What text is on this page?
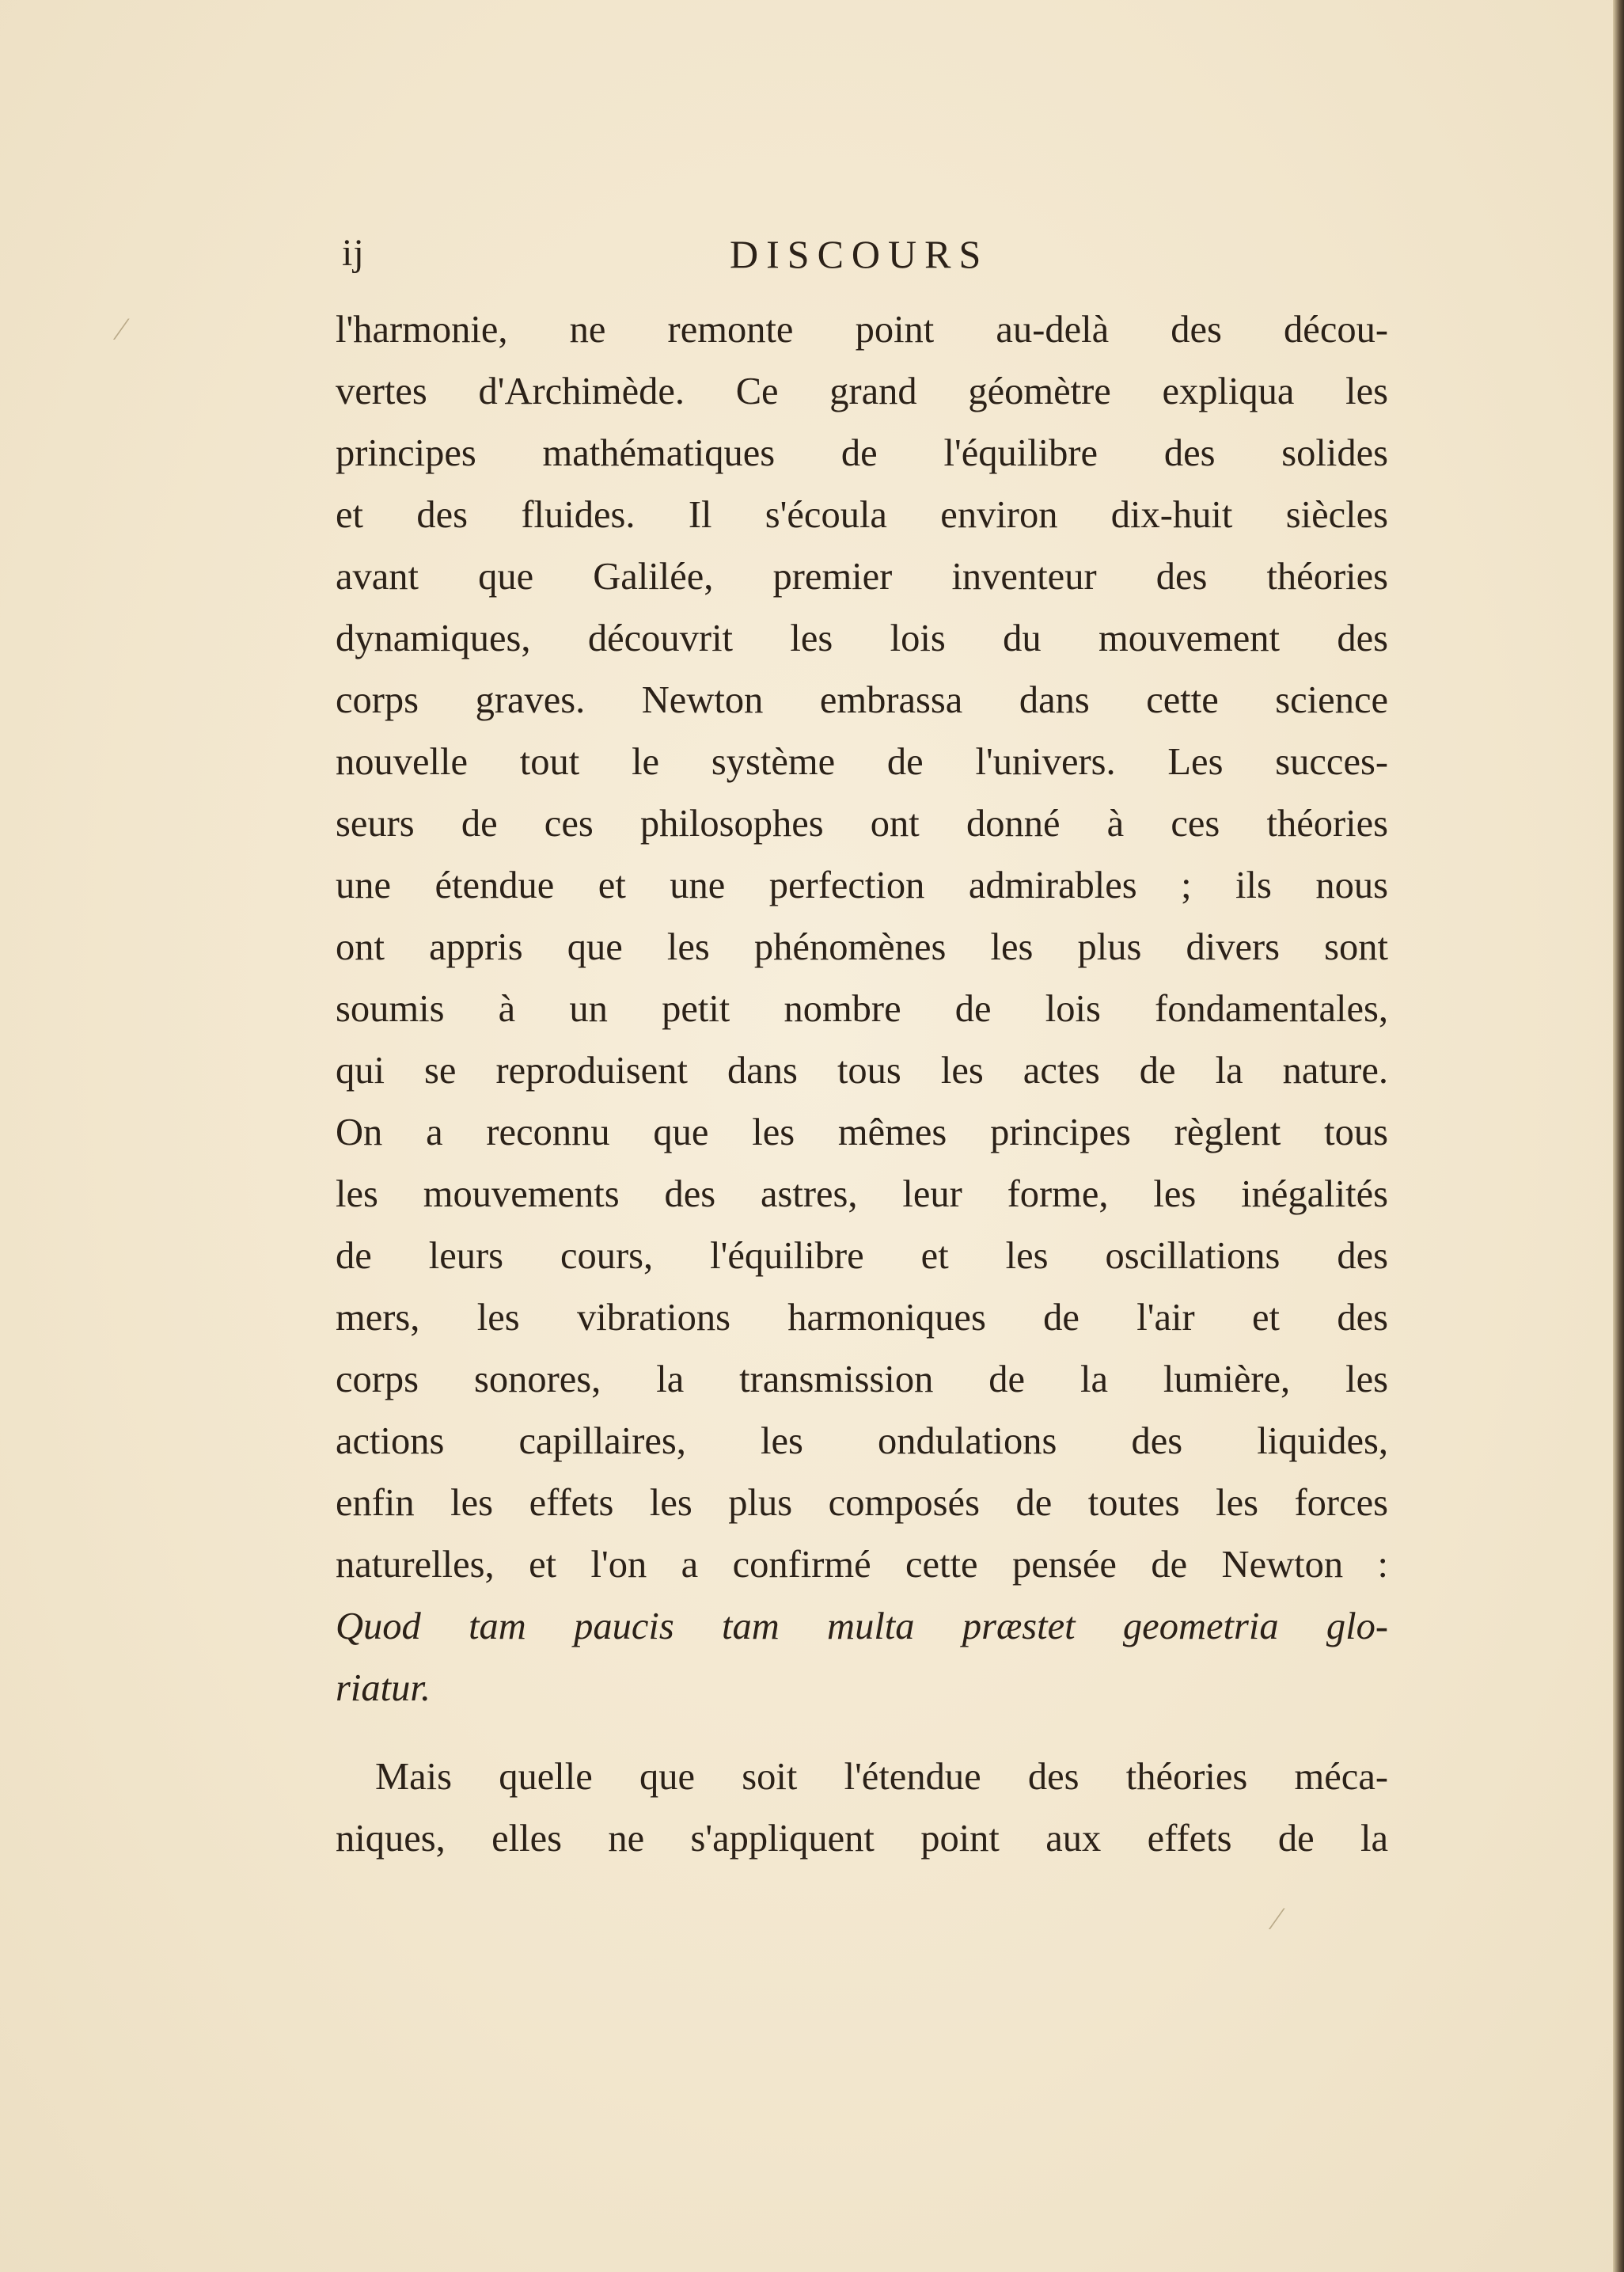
⁄
⁄
ij	DISCOURS
l'harmonie, ne remonte point au-delà des décou-
vertes d'Archimède. Ce grand géomètre expliqua les
principes mathématiques de l'équilibre des solides
et des fluides. Il s'écoula environ dix-huit siècles
avant que Galilée, premier inventeur des théories
dynamiques, découvrit les lois du mouvement des
corps graves. Newton embrassa dans cette science
nouvelle tout le système de l'univers. Les succes-
seurs de ces philosophes ont donné à ces théories
une étendue et une perfection admirables ; ils nous
ont appris que les phénomènes les plus divers sont
soumis à un petit nombre de lois fondamentales,
qui se reproduisent dans tous les actes de la nature.
On a reconnu que les mêmes principes règlent tous
les mouvements des astres, leur forme, les inégalités
de leurs cours, l'équilibre et les oscillations des
mers, les vibrations harmoniques de l'air et des
corps sonores, la transmission de la lumière, les
actions capillaires, les ondulations des liquides,
enfin les effets les plus composés de toutes les forces
naturelles, et l'on a confirmé cette pensée de Newton :
Quod tam paucis tam multa præstet geometria glo-
riatur.
Mais quelle que soit l'étendue des théories méca-
niques, elles ne s'appliquent point aux effets de la
